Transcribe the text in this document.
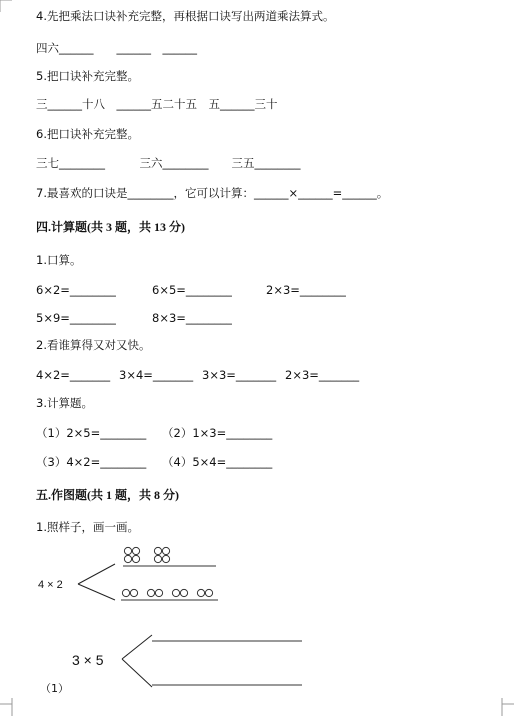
4.先把乘法口诀补充完整，再根据口诀写出两道乘法算式。
四六______　　______　______
5.把口诀补充完整。
三______十八　______五二十五　五______三十
6.把口诀补充完整。
三七________　　　三六________　　三五________
7.最喜欢的口诀是________，它可以计算：______×______=______。
四.计算题(共 3 题，共 13 分)
1.口算。
6×2=________	6×5=________	2×3=________
5×9=________	8×3=________
2.看谁算得又对又快。
4×2=_______ 3×4=_______ 3×3=_______ 2×3=_______
3.计算题。
（1）2×5=________ （2）1×3=________
（3）4×2=________ （4）5×4=________
五.作图题(共 1 题，共 8 分)
1.照样子，画一画。
4 × 2
3 × 5
（1）
